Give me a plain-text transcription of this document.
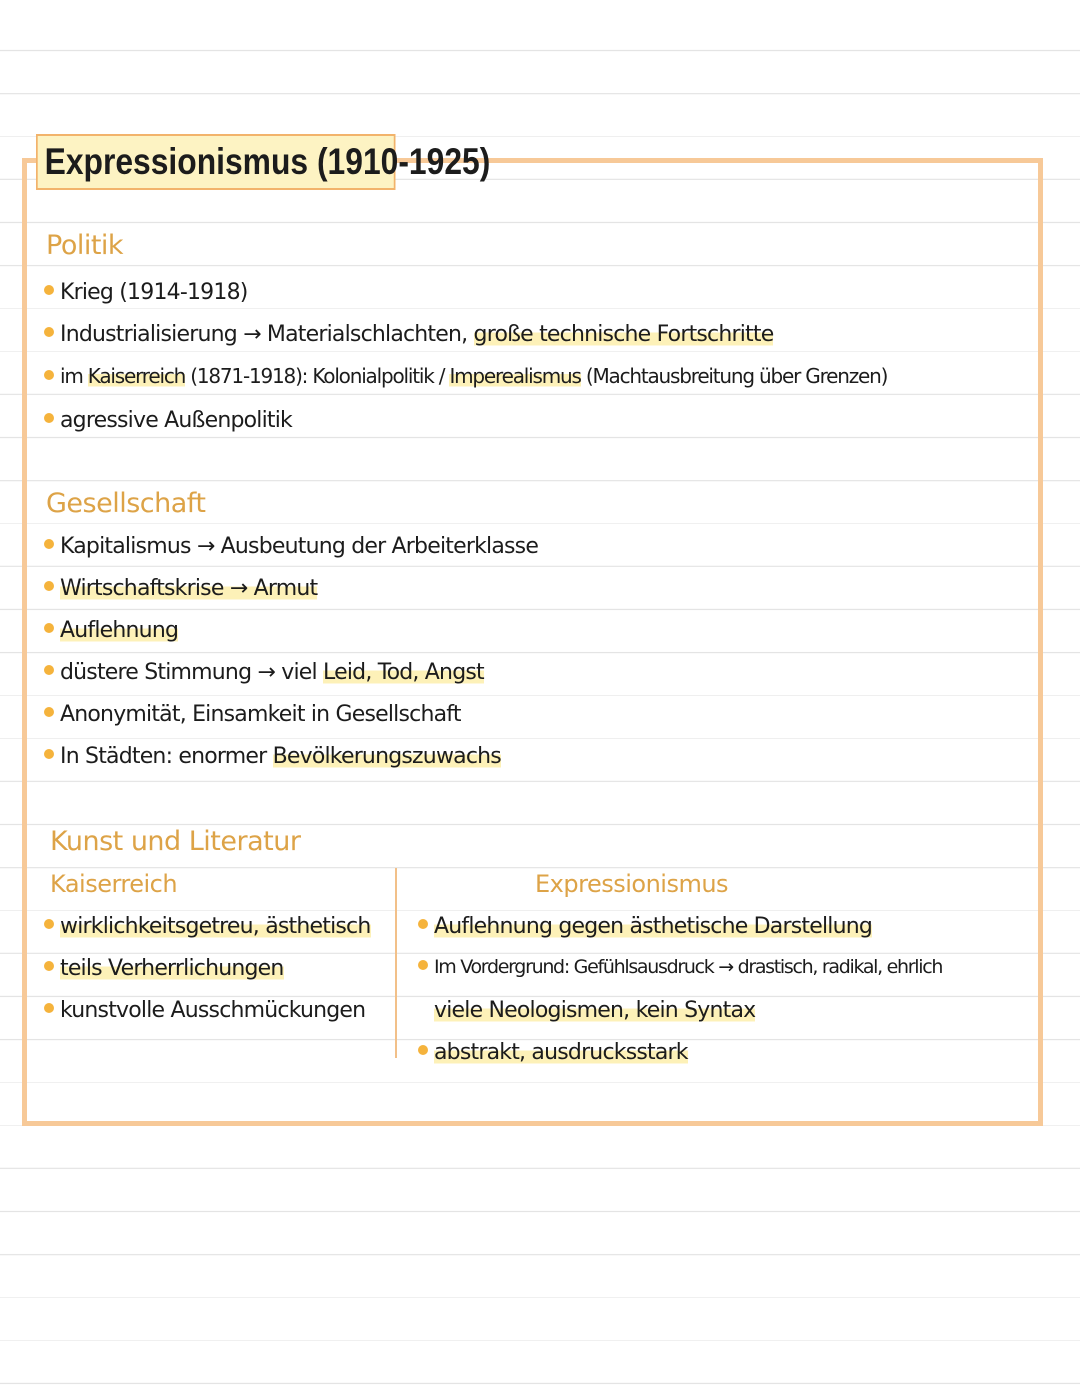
Expressionismus (1910-1925)
Politik
Krieg (1914-1918)
Industrialisierung → Materialschlachten, große technische Fortschritte
im Kaiserreich (1871-1918): Kolonialpolitik / Imperealismus (Machtausbreitung über Grenzen)
agressive Außenpolitik
Gesellschaft
Kapitalismus → Ausbeutung der Arbeiterklasse
Wirtschaftskrise → Armut
Auflehnung
düstere Stimmung → viel Leid, Tod, Angst
Anonymität, Einsamkeit in Gesellschaft
In Städten: enormer Bevölkerungszuwachs
Kunst und Literatur
Kaiserreich
wirklichkeitsgetreu, ästhetisch
teils Verherrlichungen
kunstvolle Ausschmückungen
Expressionismus
Auflehnung gegen ästhetische Darstellung
Im Vordergrund: Gefühlsausdruck → drastisch, radikal, ehrlich
viele Neologismen, kein Syntax
abstrakt, ausdrucksstark
